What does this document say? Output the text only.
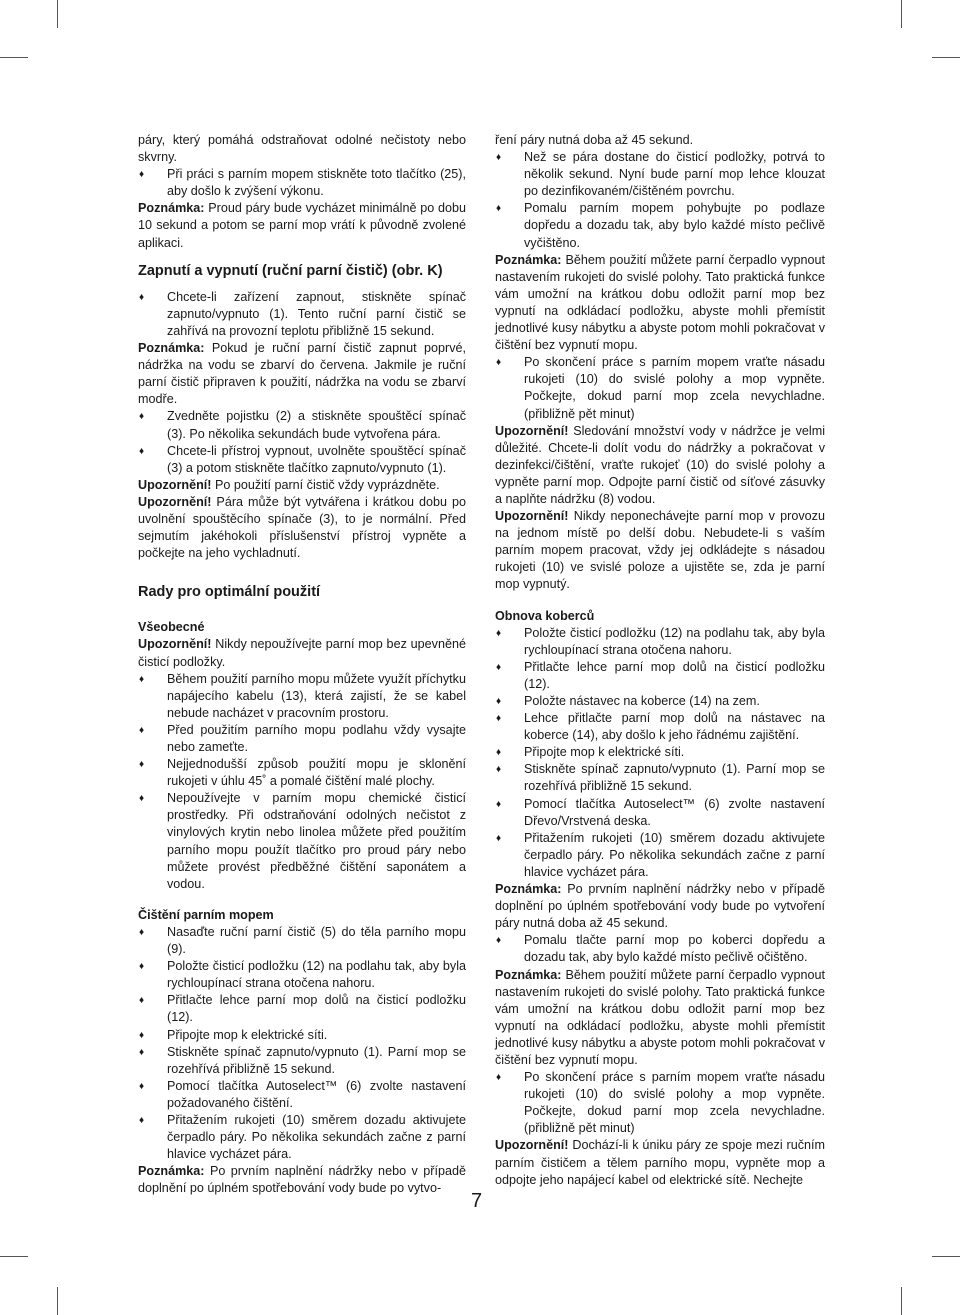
páry, který pomáhá odstraňovat odolné nečistoty nebo skvrny.

♦	Při práci s parním mopem stiskněte toto tlačítko (25), aby došlo k zvýšení výkonu.

Poznámka: Proud páry bude vycházet minimálně po dobu 10 sekund a potom se parní mop vrátí k původně zvolené aplikaci.

Zapnutí a vypnutí (ruční parní čistič) (obr. K)
♦	Chcete-li zařízení zapnout, stiskněte spínač zapnuto/vypnuto (1). Tento ruční parní čistič se zahřívá na provozní teplotu přibližně 15 sekund.

Poznámka: Pokud je ruční parní čistič zapnut poprvé, nádržka na vodu se zbarví do červena. Jakmile je ruční parní čistič připraven k použití, nádržka na vodu se zbarví modře.

♦	Zvedněte pojistku (2) a stiskněte spouštěcí spínač (3). Po několika sekundách bude vytvořena pára.
♦	Chcete-li přístroj vypnout, uvolněte spouštěcí spínač (3) a potom stiskněte tlačítko zapnuto/vypnuto (1).

Upozornění! Po použití parní čistič vždy vyprázdněte.

Upozornění! Pára může být vytvářena i krátkou dobu po uvolnění spouštěcího spínače (3), to je normální. Před sejmutím jakéhokoli příslušenství přístroj vypněte a počkejte na jeho vychladnutí.

Rady pro optimální použití

Všeobecné

Upozornění! Nikdy nepoužívejte parní mop bez upevněné čisticí podložky.

♦	Během použití parního mopu můžete využít příchytku napájecího kabelu (13), která zajistí, že se kabel nebude nacházet v pracovním prostoru.
♦	Před použitím parního mopu podlahu vždy vysajte nebo zameťte.
♦	Nejjednodušší způsob použití mopu je sklonění rukojeti v úhlu 45˚ a pomalé čištění malé plochy.
♦	Nepoužívejte v parním mopu chemické čisticí prostředky. Při odstraňování odolných nečistot z vinylových krytin nebo linolea můžete před použitím parního mopu použít tlačítko pro proud páry nebo můžete provést předběžné čištění saponátem a vodou.

Čištění parním mopem

♦	Nasaďte ruční parní čistič (5) do těla parního mopu (9).
♦	Položte čisticí podložku (12) na podlahu tak, aby byla rychloupínací strana otočena nahoru.
♦	Přitlačte lehce parní mop dolů na čisticí podložku (12).
♦	Připojte mop k elektrické síti.
♦	Stiskněte spínač zapnuto/vypnuto (1). Parní mop se rozehřívá přibližně 15 sekund.
♦	Pomocí tlačítka Autoselect™ (6) zvolte nastavení požadovaného čištění.
♦	Přitažením rukojeti (10) směrem dozadu aktivujete čerpadlo páry. Po několika sekundách začne z parní hlavice vycházet pára.

Poznámka: Po prvním naplnění nádržky nebo v případě doplnění po úplném spotřebování vody bude po vytvo-

ření páry nutná doba až 45 sekund.

♦	Než se pára dostane do čisticí podložky, potrvá to několik sekund. Nyní bude parní mop lehce klouzat po dezinfikovaném/čištěném povrchu.
♦	Pomalu parním mopem pohybujte po podlaze dopředu a dozadu tak, aby bylo každé místo pečlivě vyčištěno.

Poznámka: Během použití můžete parní čerpadlo vypnout nastavením rukojeti do svislé polohy. Tato praktická funkce vám umožní na krátkou dobu odložit parní mop bez vypnutí na odkládací podložku, abyste mohli přemístit jednotlivé kusy nábytku a abyste potom mohli pokračovat v čištění bez vypnutí mopu.

♦	Po skončení práce s parním mopem vraťte násadu rukojeti (10) do svislé polohy a mop vypněte. Počkejte, dokud parní mop zcela nevychladne. (přibližně pět minut)

Upozornění! Sledování množství vody v nádržce je velmi důležité. Chcete-li dolít vodu do nádržky a pokračovat v dezinfekci/čištění, vraťte rukojeť (10) do svislé polohy a vypněte parní mop. Odpojte parní čistič od síťové zásuvky a naplňte nádržku (8) vodou.

Upozornění! Nikdy neponechávejte parní mop v provozu na jednom místě po delší dobu. Nebudete-li s vaším parním mopem pracovat, vždy jej odkládejte s násadou rukojeti (10) ve svislé poloze a ujistěte se, zda je parní mop vypnutý.

Obnova koberců

♦	Položte čisticí podložku (12) na podlahu tak, aby byla rychloupínací strana otočena nahoru.
♦	Přitlačte lehce parní mop dolů na čisticí podložku (12).
♦	Položte nástavec na koberce (14) na zem.
♦	Lehce přitlačte parní mop dolů na nástavec na koberce (14), aby došlo k jeho řádnému zajištění.
♦	Připojte mop k elektrické síti.
♦	Stiskněte spínač zapnuto/vypnuto (1). Parní mop se rozehřívá přibližně 15 sekund.
♦	Pomocí tlačítka Autoselect™ (6) zvolte nastavení Dřevo/Vrstvená deska.
♦	Přitažením rukojeti (10) směrem dozadu aktivujete čerpadlo páry. Po několika sekundách začne z parní hlavice vycházet pára.

Poznámka: Po prvním naplnění nádržky nebo v případě doplnění po úplném spotřebování vody bude po vytvoření páry nutná doba až 45 sekund.

♦	Pomalu tlačte parní mop po koberci dopředu a dozadu tak, aby bylo každé místo pečlivě očištěno.

Poznámka: Během použití můžete parní čerpadlo vypnout nastavením rukojeti do svislé polohy. Tato praktická funkce vám umožní na krátkou dobu odložit parní mop bez vypnutí na odkládací podložku, abyste mohli přemístit jednotlivé kusy nábytku a abyste potom mohli pokračovat v čištění bez vypnutí mopu.

♦	Po skončení práce s parním mopem vraťte násadu rukojeti (10) do svislé polohy a mop vypněte. Počkejte, dokud parní mop zcela nevychladne. (přibližně pět minut)

Upozornění! Dochází-li k úniku páry ze spoje mezi ručním parním čističem a tělem parního mopu, vypněte mop a odpojte jeho napájecí kabel od elektrické sítě. Nechejte

7
